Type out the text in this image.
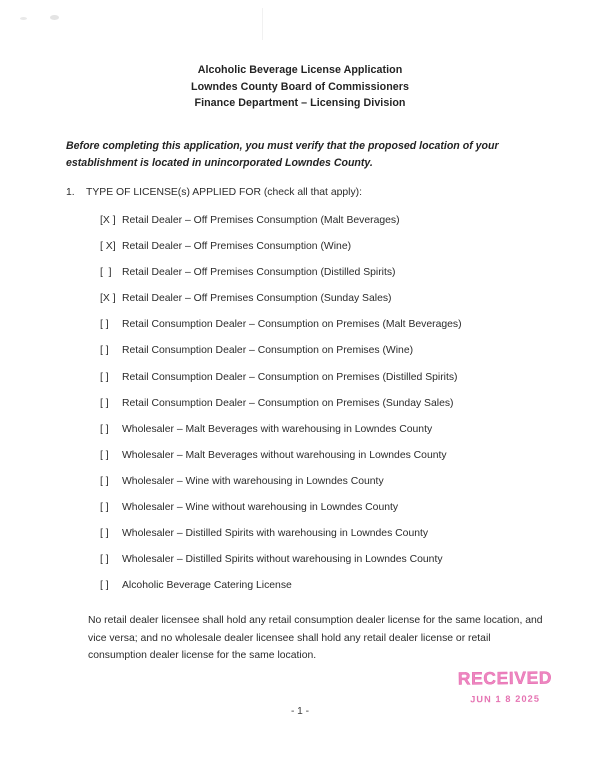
Alcoholic Beverage License Application
Lowndes County Board of Commissioners
Finance Department – Licensing Division
Before completing this application, you must verify that the proposed location of your establishment is located in unincorporated Lowndes County.
1. TYPE OF LICENSE(s) APPLIED FOR (check all that apply):
[X ] Retail Dealer – Off Premises Consumption (Malt Beverages)
[ X] Retail Dealer – Off Premises Consumption (Wine)
[  ]	Retail Dealer – Off Premises Consumption (Distilled Spirits)
[X ] Retail Dealer – Off Premises Consumption (Sunday Sales)
[ ]	Retail Consumption Dealer – Consumption on Premises (Malt Beverages)
[ ]	Retail Consumption Dealer – Consumption on Premises (Wine)
[ ]	Retail Consumption Dealer – Consumption on Premises (Distilled Spirits)
[ ]	Retail Consumption Dealer – Consumption on Premises (Sunday Sales)
[ ]	Wholesaler – Malt Beverages with warehousing in Lowndes County
[ ]	Wholesaler – Malt Beverages without warehousing in Lowndes County
[ ]	Wholesaler – Wine with warehousing in Lowndes County
[ ]	Wholesaler – Wine without warehousing in Lowndes County
[ ]	Wholesaler – Distilled Spirits with warehousing in Lowndes County
[ ]	Wholesaler – Distilled Spirits without warehousing in Lowndes County
[ ]	Alcoholic Beverage Catering License
No retail dealer licensee shall hold any retail consumption dealer license for the same location, and vice versa; and no wholesale dealer licensee shall hold any retail dealer license or retail consumption dealer license for the same location.
- 1 -
RECEIVED
JUN 1 8 2025
